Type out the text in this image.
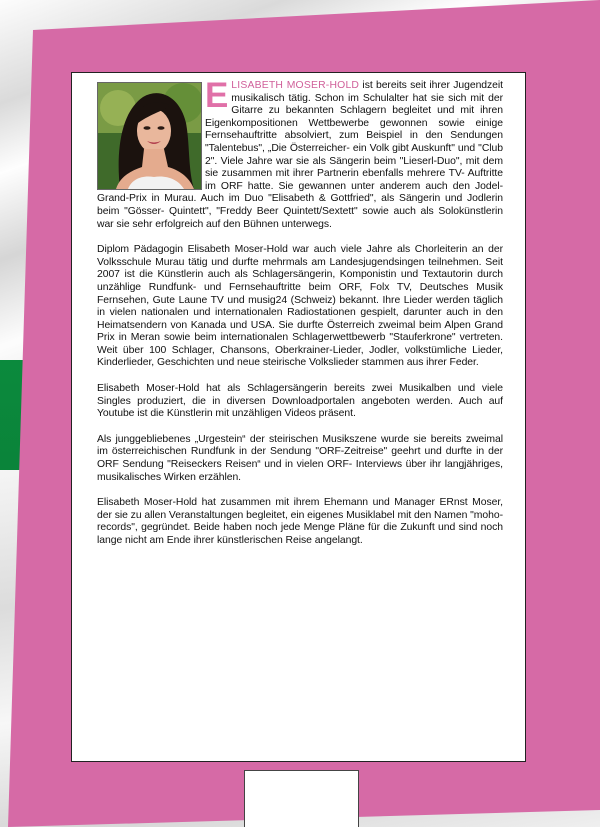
ELISABETH MOSER-HOLD ist bereits seit ihrer Jugendzeit musikalisch tätig. Schon im Schulalter hat sie sich mit der Gitarre zu bekannten Schlagern begleitet und mit ihren Eigenkompositionen Wettbewerbe gewonnen sowie einige Fernsehauftritte absolviert, zum Beispiel in den Sendungen "Talentebus", „Die Österreicher- ein Volk gibt Auskunft" und "Club 2". Viele Jahre war sie als Sängerin beim "Lieserl-Duo", mit dem sie zusammen mit ihrer Partnerin ebenfalls mehrere TV- Auftritte im ORF hatte. Sie gewannen unter anderem auch den Jodel- Grand-Prix in Murau. Auch im Duo "Elisabeth & Gottfried", als Sängerin und Jodlerin beim "Gösser- Quintett", "Freddy Beer Quintett/Sextett" sowie auch als Solokünstlerin war sie sehr erfolgreich auf den Bühnen unterwegs.

Diplom Pädagogin Elisabeth Moser-Hold war auch viele Jahre als Chorleiterin an der Volksschule Murau tätig und durfte mehrmals am Landesjugendsingen teilnehmen. Seit 2007 ist die Künstlerin auch als Schlagersängerin, Komponistin und Textautorin durch unzählige Rundfunk- und Fernsehauftritte beim ORF, Folx TV, Deutsches Musik Fernsehen, Gute Laune TV und musig24 (Schweiz) bekannt. Ihre Lieder werden täglich in vielen nationalen und internationalen Radiostationen gespielt, darunter auch in den Heimatsendern von Kanada und USA. Sie durfte Österreich zweimal beim Alpen Grand Prix in Meran sowie beim internationalen Schlagerwettbewerb "Stauferkrone" vertreten. Weit über 100 Schlager, Chansons, Oberkrainer-Lieder, Jodler, volkstümliche Lieder, Kinderlieder, Geschichten und neue steirische Volkslieder stammen aus ihrer Feder.

Elisabeth Moser-Hold hat als Schlagersängerin bereits zwei Musikalben und viele Singles produziert, die in diversen Downloadportalen angeboten werden. Auch auf Youtube ist die Künstlerin mit unzähligen Videos präsent.

Als junggebliebenes „Urgestein“ der steirischen Musikszene wurde sie bereits zweimal im österreichischen Rundfunk in der Sendung "ORF-Zeitreise" geehrt und durfte in der ORF Sendung "Reiseckers Reisen“ und in vielen ORF- Interviews über ihr langjähriges, musikalisches Wirken erzählen.

Elisabeth Moser-Hold hat zusammen mit ihrem Ehemann und Manager ERnst Moser, der sie zu allen Veranstaltungen begleitet, ein eigenes Musiklabel mit den Namen "moho-records", gegründet. Beide haben noch jede Menge Pläne für die Zukunft und sind noch lange nicht am Ende ihrer künstlerischen Reise angelangt.
